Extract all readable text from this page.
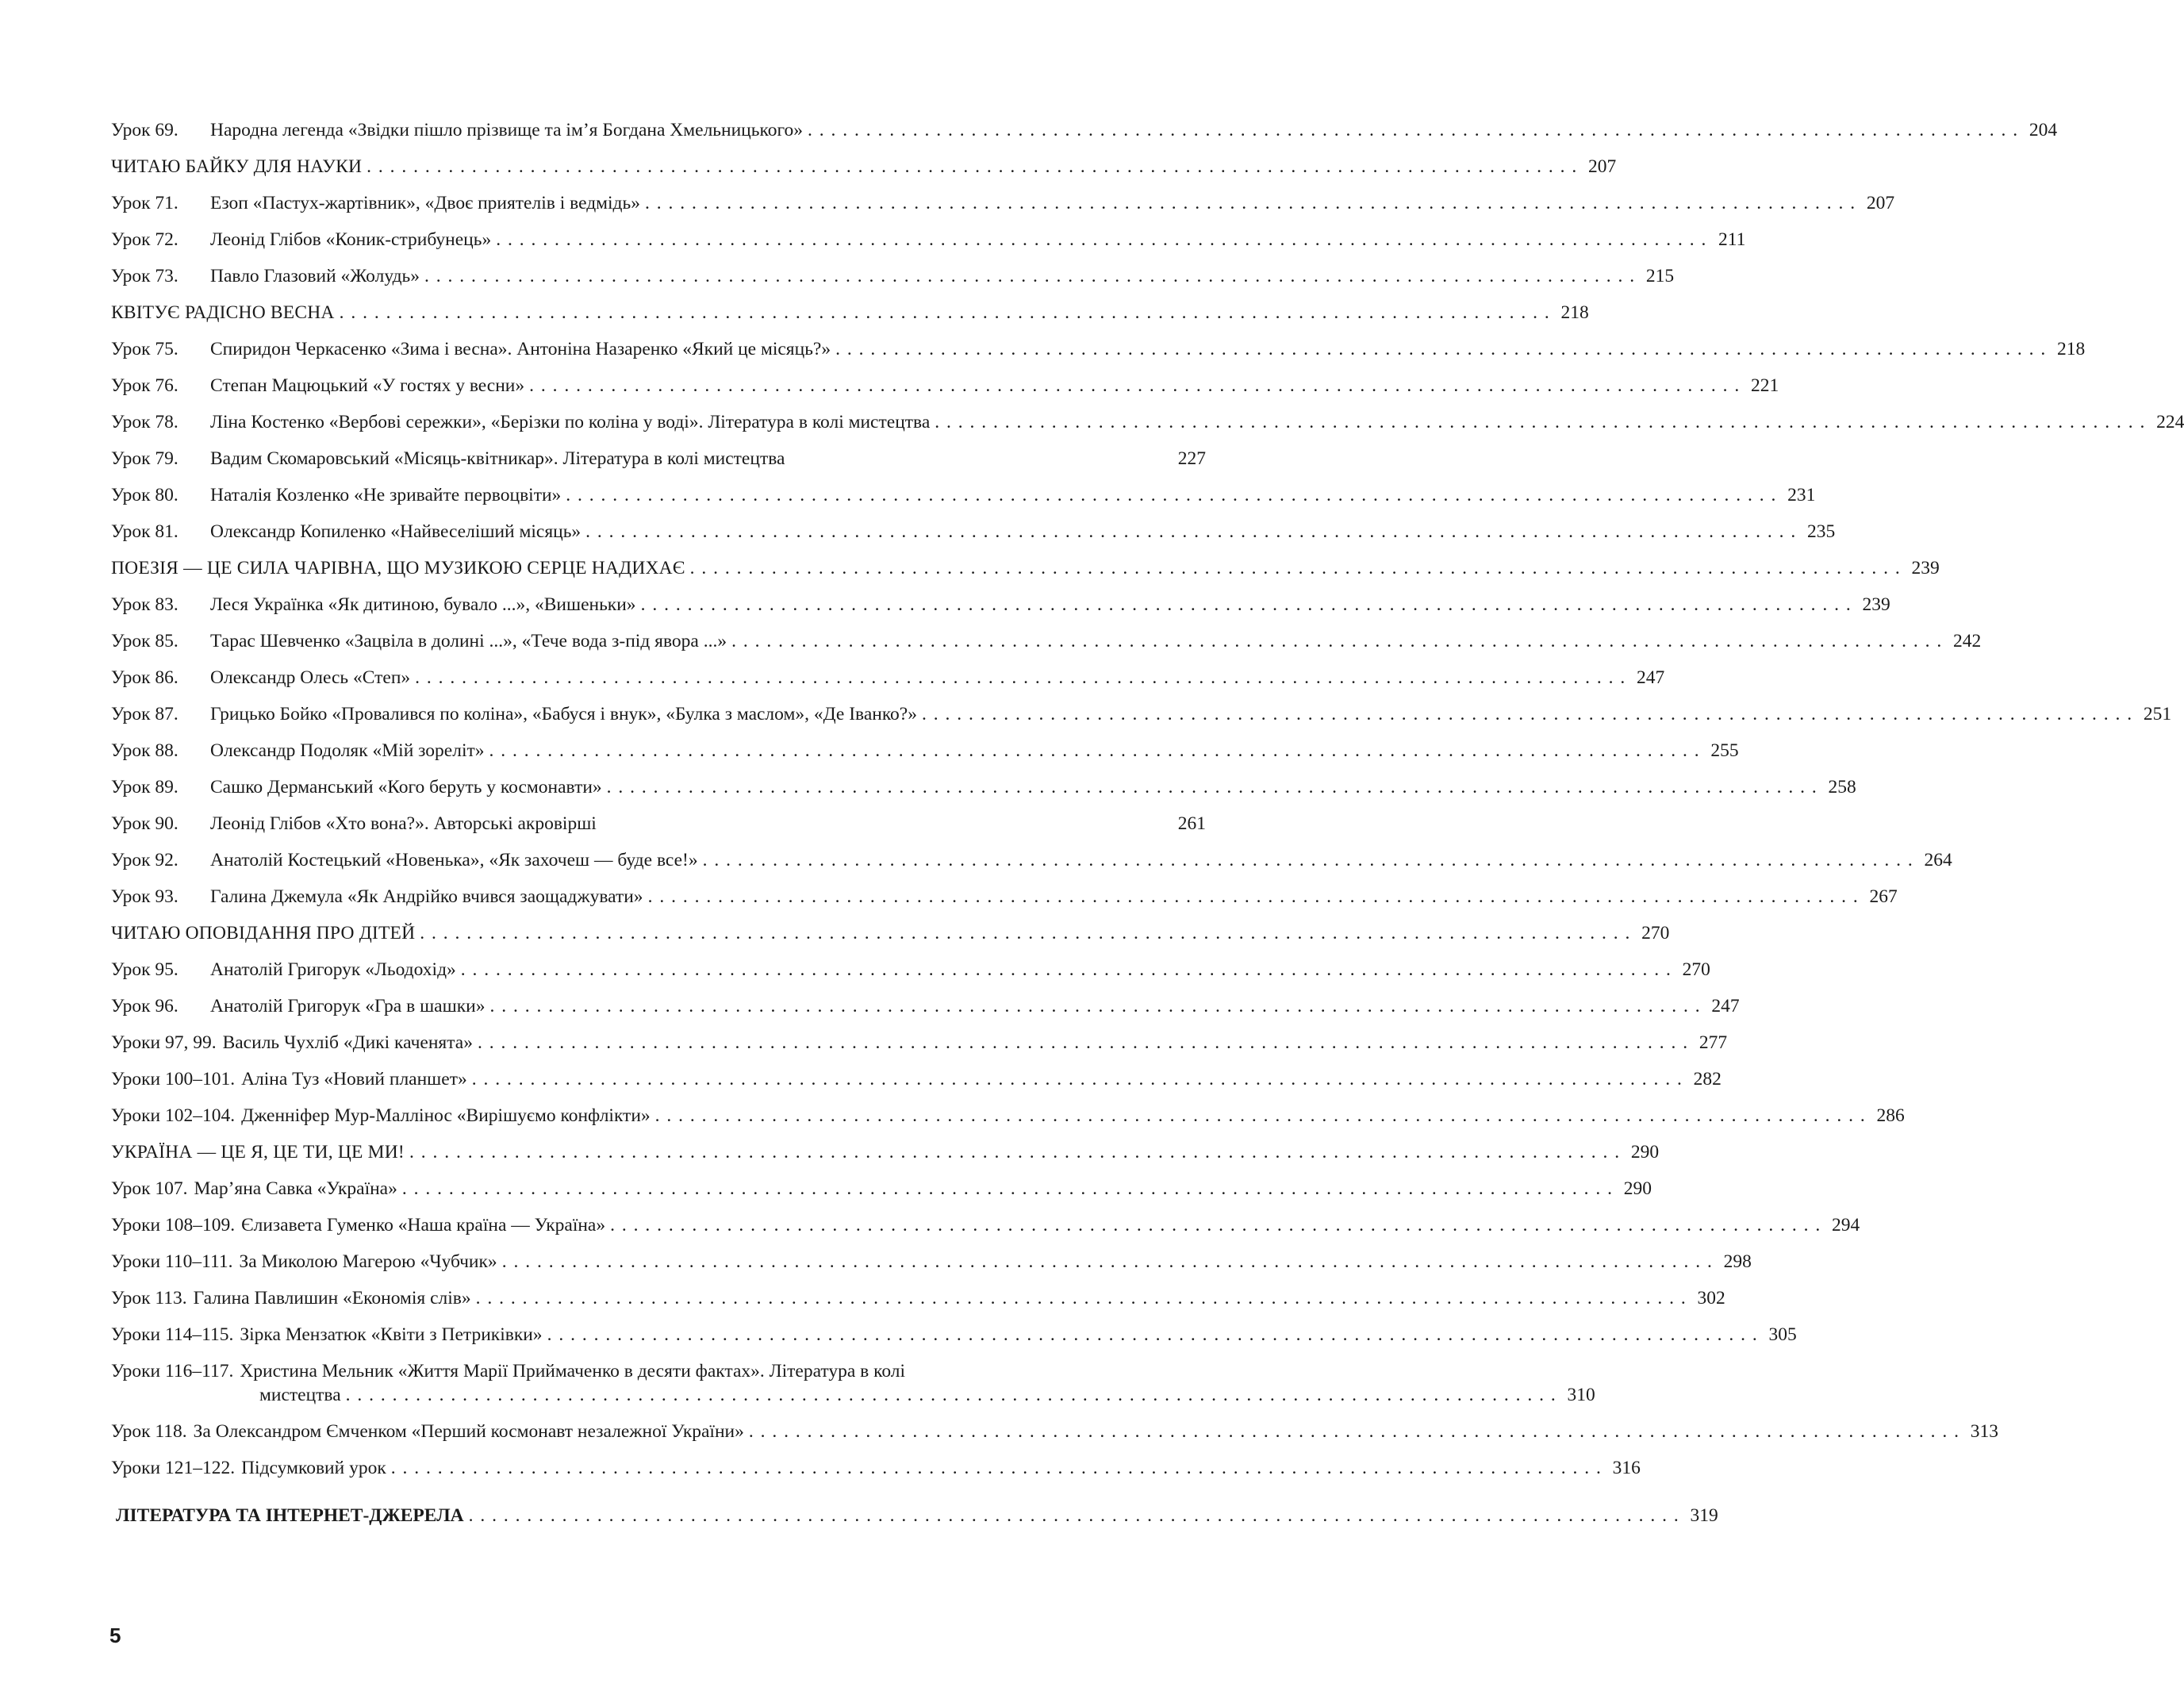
Урок 69.	Народна легенда «Звідки пішло прізвище та ім’я Богдана Хмельницького» . . .	204
ЧИТАЮ БАЙКУ ДЛЯ НАУКИ . . .	207
Урок 71.	Езоп «Пастух-жартівник», «Двоє приятелів і ведмідь» . . .	207
Урок 72.	Леонід Глібов «Коник-стрибунець» . . .	211
Урок 73.	Павло Глазовий «Жолудь» . . .	215
КВІТУЄ РАДІСНО ВЕСНА . . .	218
Урок 75.	Спиридон Черкасенко «Зима і весна». Антоніна Назаренко «Який це місяць?» . . .	218
Урок 76.	Степан Мацюцький «У гостях у весни» . . .	221
Урок 78.	Ліна Костенко «Вербові сережки», «Берізки по коліна у воді». Література в колі мистецтва . . .	224
Урок 79.	Вадим Скомаровський «Місяць-квітникар». Література в колі мистецтва	227
Урок 80.	Наталія Козленко «Не зривайте первоцвіти» . . .	231
Урок 81.	Олександр Копиленко «Найвеселіший місяць» . . .	235
ПОЕЗІЯ — ЦЕ СИЛА ЧАРІВНА, ЩО МУЗИКОЮ СЕРЦЕ НАДИХАЄ . . .	239
Урок 83.	Леся Українка «Як дитиною, бувало ...», «Вишеньки» . . .	239
Урок 85.	Тарас Шевченко «Зацвіла в долині ...», «Тече вода з-під явора ...» . . .	242
Урок 86.	Олександр Олесь «Степ» . . .	247
Урок 87.	Грицько Бойко «Провалився по коліна», «Бабуся і внук», «Булка з маслом», «Де Іванко?» . . .	251
Урок 88.	Олександр Подоляк «Мій зореліт» . . .	255
Урок 89.	Сашко Дерманський «Кого беруть у космонавти» . . .	258
Урок 90.	Леонід Глібов «Хто вона?». Авторські акровірші	261
Урок 92.	Анатолій Костецький «Новенька», «Як захочеш — буде все!» . . .	264
Урок 93.	Галина Джемула «Як Андрійко вчився заощаджувати» . . .	267
ЧИТАЮ ОПОВІДАННЯ ПРО ДІТЕЙ . . .	270
Урок 95.	Анатолій Григорук «Льодохід» . . .	270
Урок 96.	Анатолій Григорук «Гра в шашки» . . .	247
Уроки 97, 99. Василь Чухліб «Дикі каченята» . . .	277
Уроки 100–101. Аліна Туз «Новий планшет» . . .	282
Уроки 102–104. Дженніфер Мур-Маллінос «Вирішуємо конфлікти» . . .	286
УКРАЇНА — ЦЕ Я, ЦЕ ТИ, ЦЕ МИ! . . .	290
Урок 107. Мар’яна Савка «Україна» . . .	290
Уроки 108–109. Єлизавета Гуменко «Наша країна — Україна» . . .	294
Уроки 110–111. За Миколою Магерою «Чубчик» . . .	298
Урок 113. Галина Павлишин «Економія слів» . . .	302
Уроки 114–115. Зірка Мензатюк «Квіти з Петриківки» . . .	305
Уроки 116–117. Христина Мельник «Життя Марії Приймаченко в десяти фактах». Література в колі
мистецтва . . .	310
Урок 118. За Олександром Ємченком «Перший космонавт незалежної України» . . .	313
Уроки 121–122. Підсумковий урок . . .	316
ЛІТЕРАТУРА ТА ІНТЕРНЕТ-ДЖЕРЕЛА . . .	319
5
